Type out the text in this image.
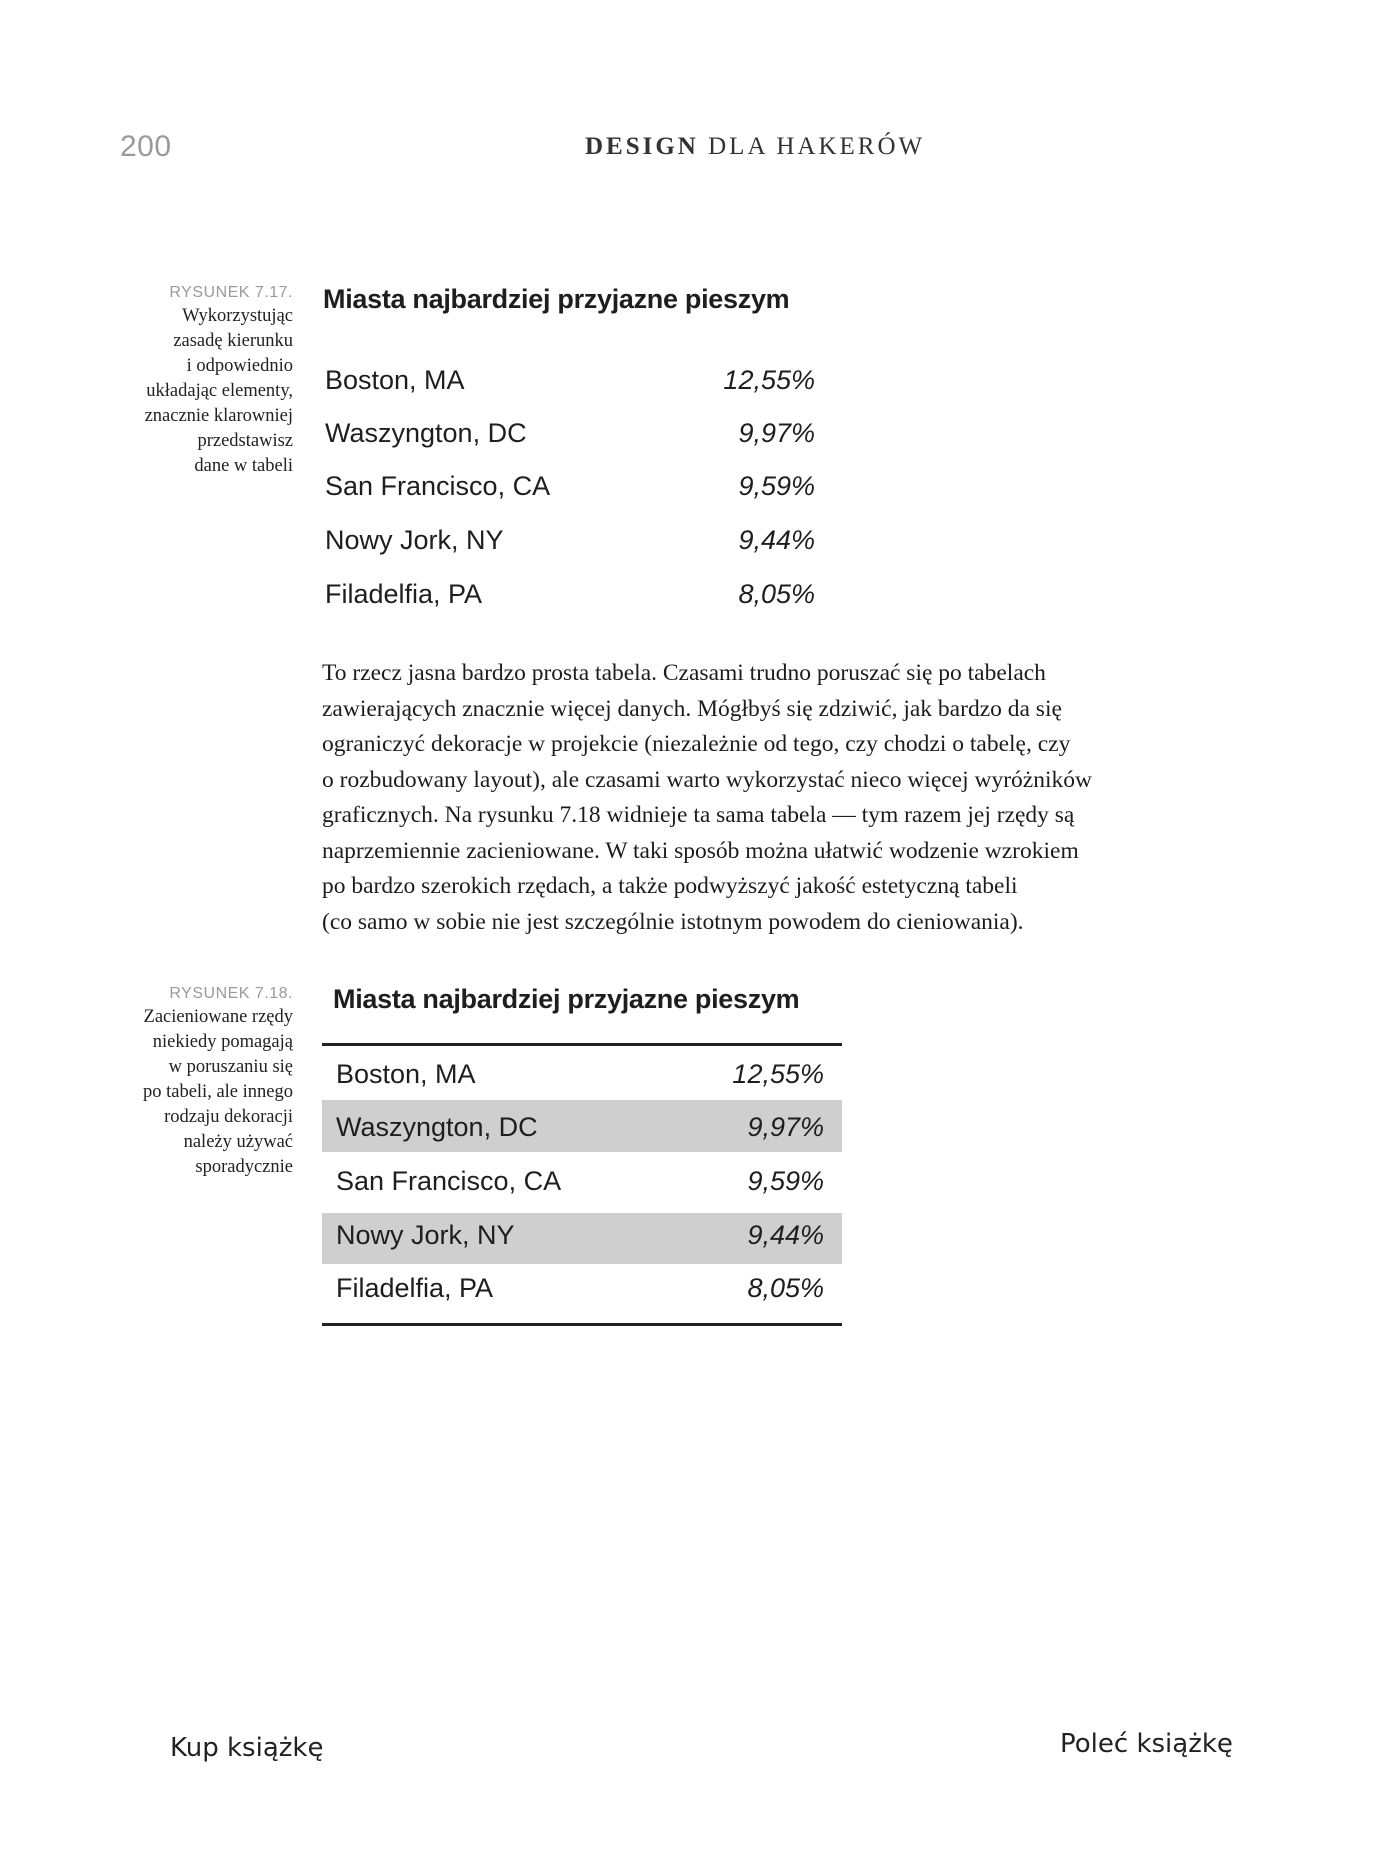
200	DESIGN DLA HAKERÓW
RYSUNEK 7.17.
Wykorzystując
zasadę kierunku
i odpowiednio
układając elementy,
znacznie klarowniej
przedstawisz
dane w tabeli
Miasta najbardziej przyjazne pieszym
Boston, MA	12,55%
Waszyngton, DC	9,97%
San Francisco, CA	9,59%
Nowy Jork, NY	9,44%
Filadelfia, PA	8,05%
To rzecz jasna bardzo prosta tabela. Czasami trudno poruszać się po tabelach
zawierających znacznie więcej danych. Mógłbyś się zdziwić, jak bardzo da się
ograniczyć dekoracje w projekcie (niezależnie od tego, czy chodzi o tabelę, czy
o rozbudowany layout), ale czasami warto wykorzystać nieco więcej wyróżników
graficznych. Na rysunku 7.18 widnieje ta sama tabela — tym razem jej rzędy są
naprzemiennie zacieniowane. W taki sposób można ułatwić wodzenie wzrokiem
po bardzo szerokich rzędach, a także podwyższyć jakość estetyczną tabeli
(co samo w sobie nie jest szczególnie istotnym powodem do cieniowania).
RYSUNEK 7.18.
Zacieniowane rzędy
niekiedy pomagają
w poruszaniu się
po tabeli, ale innego
rodzaju dekoracji
należy używać
sporadycznie
Miasta najbardziej przyjazne pieszym
Boston, MA	12,55%
Waszyngton, DC	9,97%
San Francisco, CA	9,59%
Nowy Jork, NY	9,44%
Filadelfia, PA	8,05%
Kup książkę	Poleć książkę
